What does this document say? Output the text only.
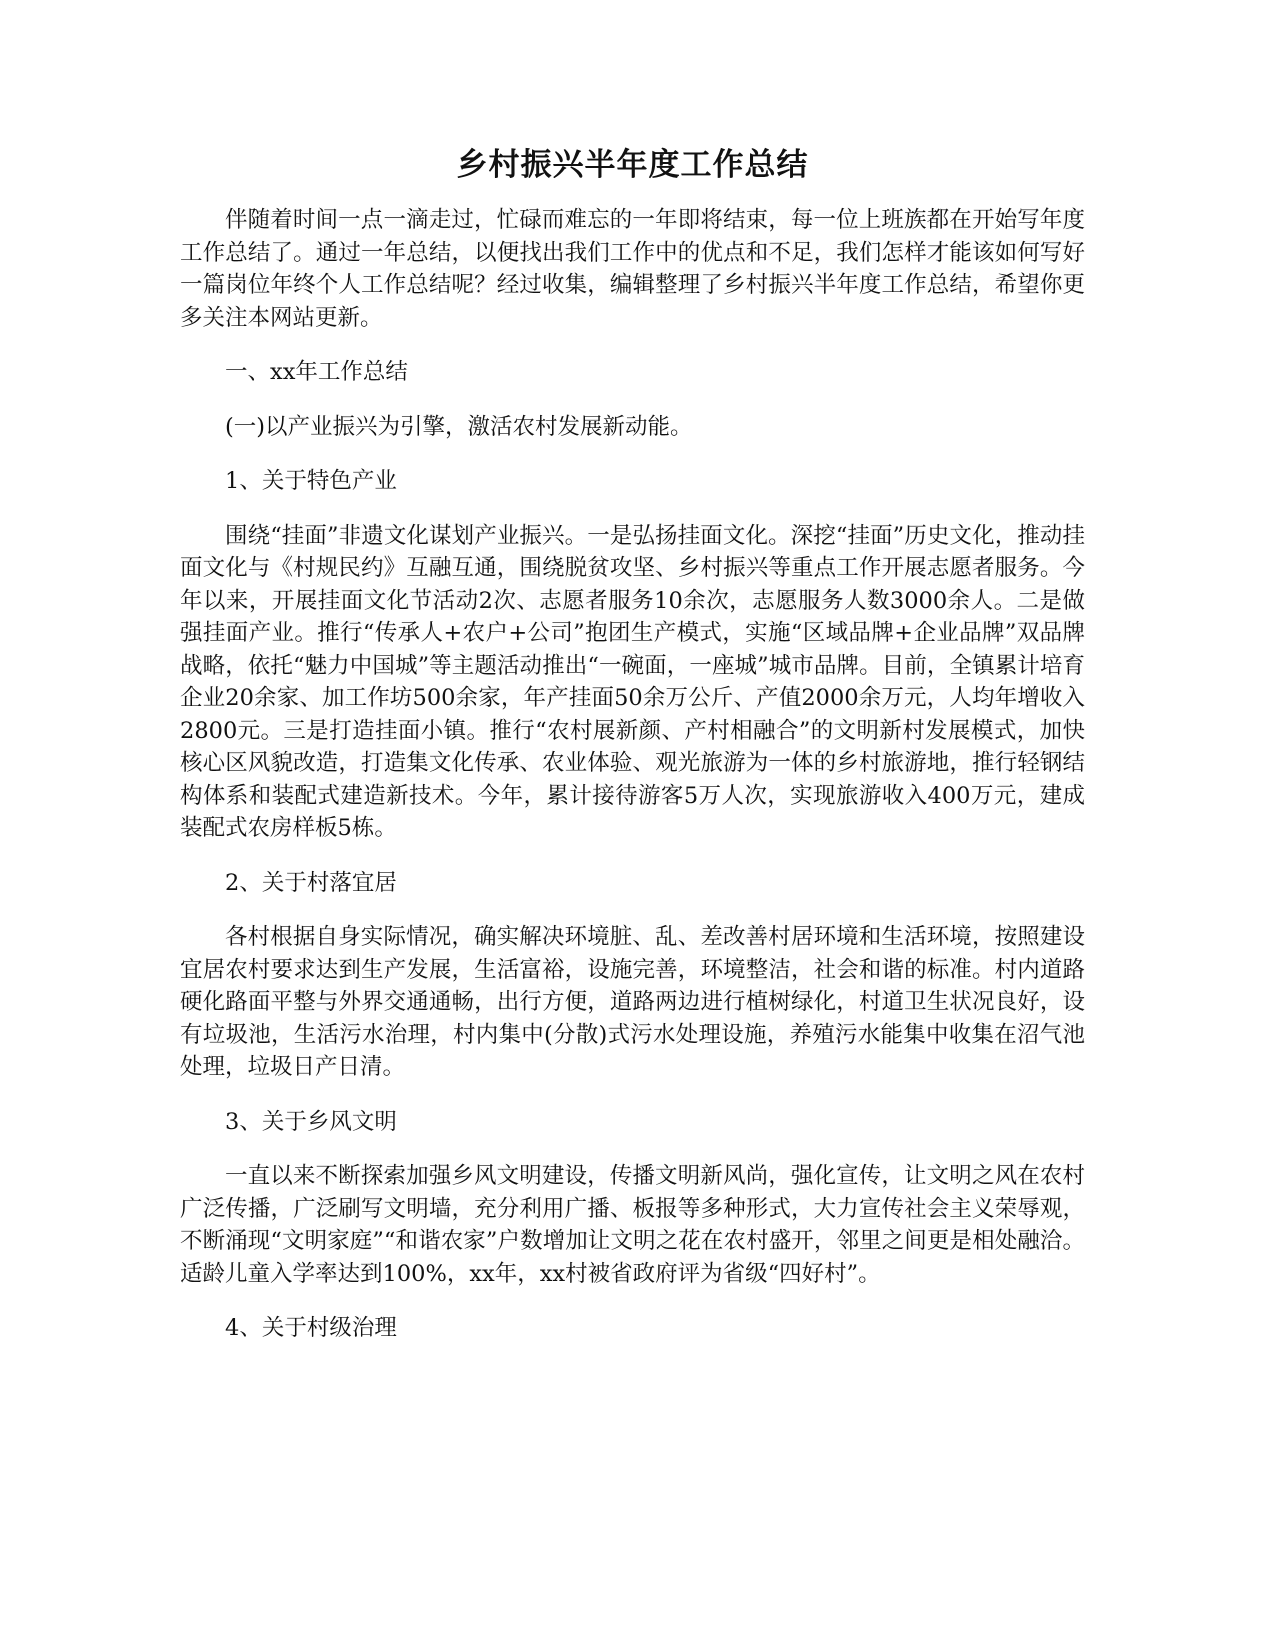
乡村振兴半年度工作总结

伴随着时间一点一滴走过，忙碌而难忘的一年即将结束，每一位上班族都在开始写年度工作总结了。通过一年总结，以便找出我们工作中的优点和不足，我们怎样才能该如何写好一篇岗位年终个人工作总结呢？经过收集，编辑整理了乡村振兴半年度工作总结，希望你更多关注本网站更新。

一、xx年工作总结

(一)以产业振兴为引擎，激活农村发展新动能。

1、关于特色产业

围绕“挂面”非遗文化谋划产业振兴。一是弘扬挂面文化。深挖“挂面”历史文化，推动挂面文化与《村规民约》互融互通，围绕脱贫攻坚、乡村振兴等重点工作开展志愿者服务。今年以来，开展挂面文化节活动2次、志愿者服务10余次，志愿服务人数3000余人。二是做强挂面产业。推行“传承人+农户+公司”抱团生产模式，实施“区域品牌+企业品牌”双品牌战略，依托“魅力中国城”等主题活动推出“一碗面，一座城”城市品牌。目前，全镇累计培育企业20余家、加工作坊500余家，年产挂面50余万公斤、产值2000余万元，人均年增收入2800元。三是打造挂面小镇。推行“农村展新颜、产村相融合”的文明新村发展模式，加快核心区风貌改造，打造集文化传承、农业体验、观光旅游为一体的乡村旅游地，推行轻钢结构体系和装配式建造新技术。今年，累计接待游客5万人次，实现旅游收入400万元，建成装配式农房样板5栋。

2、关于村落宜居

各村根据自身实际情况，确实解决环境脏、乱、差改善村居环境和生活环境，按照建设宜居农村要求达到生产发展，生活富裕，设施完善，环境整洁，社会和谐的标准。村内道路硬化路面平整与外界交通通畅，出行方便，道路两边进行植树绿化，村道卫生状况良好，设有垃圾池，生活污水治理，村内集中(分散)式污水处理设施，养殖污水能集中收集在沼气池处理，垃圾日产日清。

3、关于乡风文明

一直以来不断探索加强乡风文明建设，传播文明新风尚，强化宣传，让文明之风在农村广泛传播，广泛刷写文明墙，充分利用广播、板报等多种形式，大力宣传社会主义荣辱观，不断涌现“文明家庭”“和谐农家”户数增加让文明之花在农村盛开，邻里之间更是相处融洽。适龄儿童入学率达到100%，xx年，xx村被省政府评为省级“四好村”。

4、关于村级治理
